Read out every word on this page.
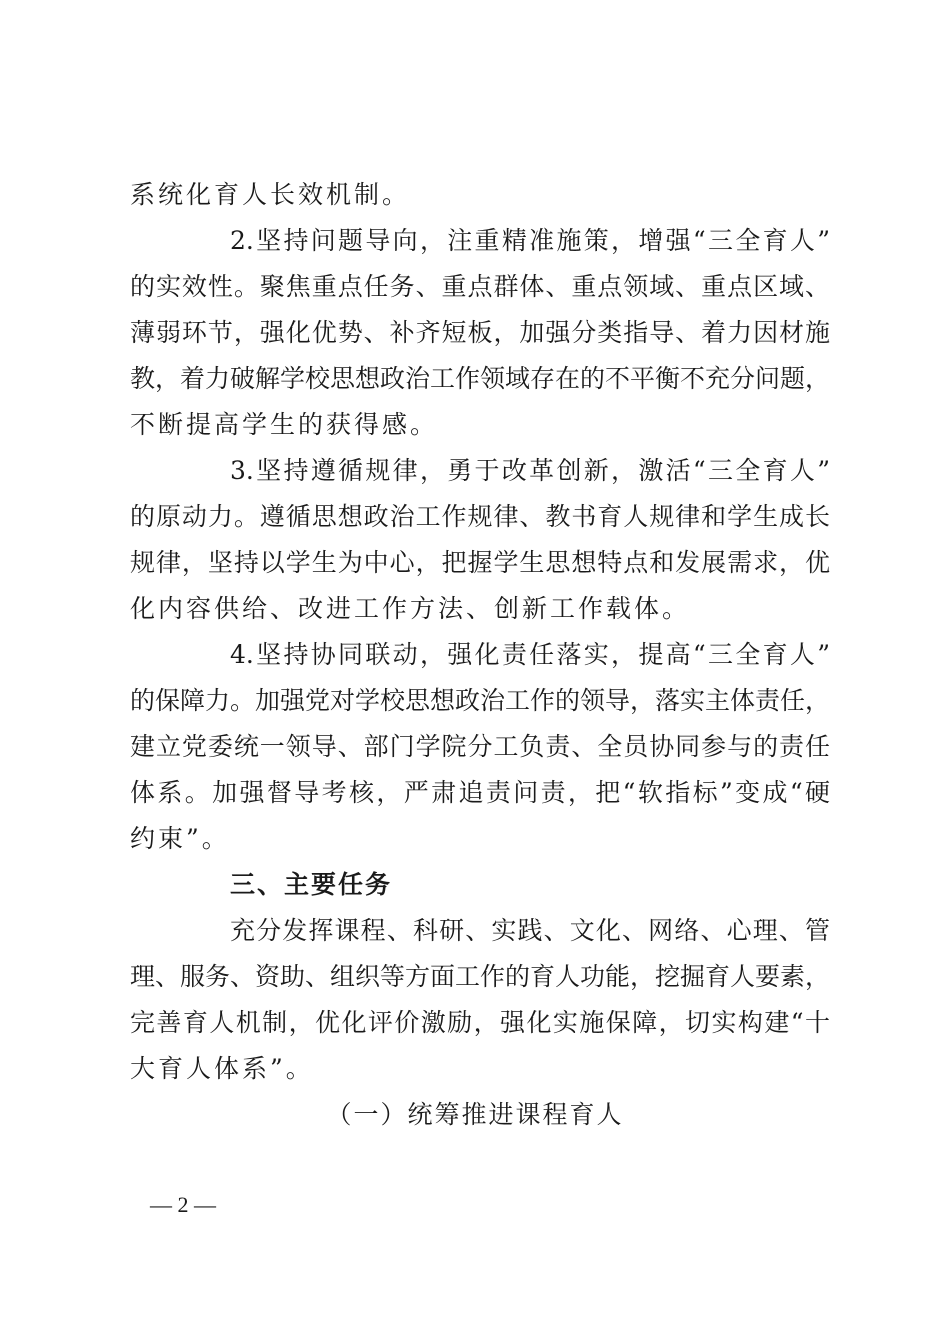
系统化育人长效机制。
2.坚持问题导向，注重精准施策，增强“三全育人”
的实效性。聚焦重点任务、重点群体、重点领域、重点区域、
薄弱环节，强化优势、补齐短板，加强分类指导、着力因材施
教，着力破解学校思想政治工作领域存在的不平衡不充分问题，
不断提高学生的获得感。
3.坚持遵循规律，勇于改革创新，激活“三全育人”
的原动力。遵循思想政治工作规律、教书育人规律和学生成长
规律，坚持以学生为中心，把握学生思想特点和发展需求，优
化内容供给、改进工作方法、创新工作载体。
4.坚持协同联动，强化责任落实，提高“三全育人”
的保障力。加强党对学校思想政治工作的领导，落实主体责任，
建立党委统一领导、部门学院分工负责、全员协同参与的责任
体系。加强督导考核，严肃追责问责，把“软指标”变成“硬
约束”。
三、主要任务
充分发挥课程、科研、实践、文化、网络、心理、管
理、服务、资助、组织等方面工作的育人功能，挖掘育人要素，
完善育人机制，优化评价激励，强化实施保障，切实构建“十
大育人体系”。
（一）统筹推进课程育人
— 2 —
